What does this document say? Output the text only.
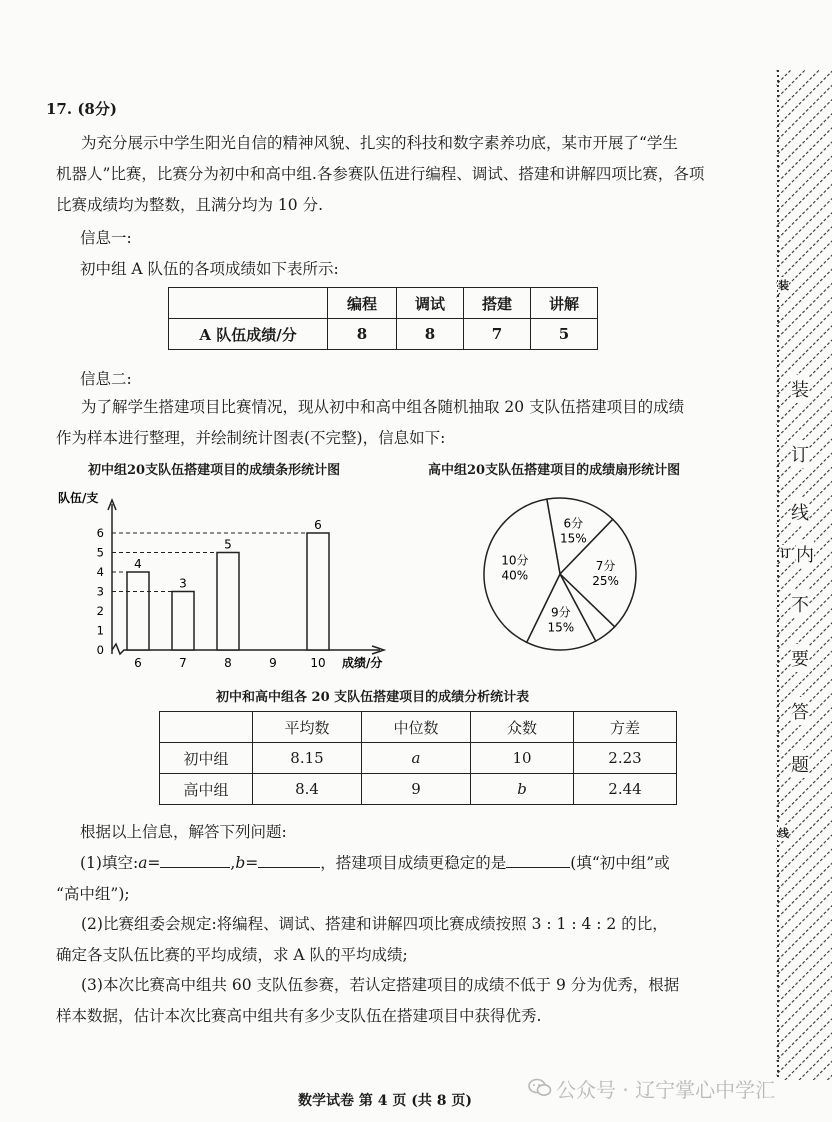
17. (8分)
为充分展示中学生阳光自信的精神风貌、扎实的科技和数字素养功底，某市开展了“学生
机器人”比赛，比赛分为初中和高中组.各参赛队伍进行编程、调试、搭建和讲解四项比赛，各项
比赛成绩均为整数，且满分均为 10 分.
信息一:
初中组 A 队伍的各项成绩如下表所示:
	编程	调试	搭建	讲解
A 队伍成绩/分	8	8	7	5
信息二:
为了解学生搭建项目比赛情况，现从初中和高中组各随机抽取 20 支队伍搭建项目的成绩
作为样本进行整理，并绘制统计图表(不完整)，信息如下:
初中组20支队伍搭建项目的成绩条形统计图	高中组20支队伍搭建项目的成绩扇形统计图
队伍/支
成绩/分
0
1
2
3
4
5
6
6
4
7
3
8
5
9	10
6	6分
15%
7分
25%
9分
15%
10分
40%
初中和高中组各 20 支队伍搭建项目的成绩分析统计表
	平均数	中位数	众数	方差
初中组	8.15	a	10	2.23
高中组	8.4	9	b	2.44
根据以上信息，解答下列问题:
(1)填空:a=	,b=	，搭建项目成绩更稳定的是	(填“初中组”或
“高中组”);
(2)比赛组委会规定:将编程、调试、搭建和讲解四项比赛成绩按照 3 : 1 : 4 : 2 的比，
确定各支队伍比赛的平均成绩，求 A 队的平均成绩;
(3)本次比赛高中组共 60 支队伍参赛，若认定搭建项目的成绩不低于 9 分为优秀，根据
样本数据，估计本次比赛高中组共有多少支队伍在搭建项目中获得优秀.
公众号 · 辽宁掌心中学汇
数学试卷 第 4 页 (共 8 页)
装
装
订
线
订 内
不
要
答
题
线
